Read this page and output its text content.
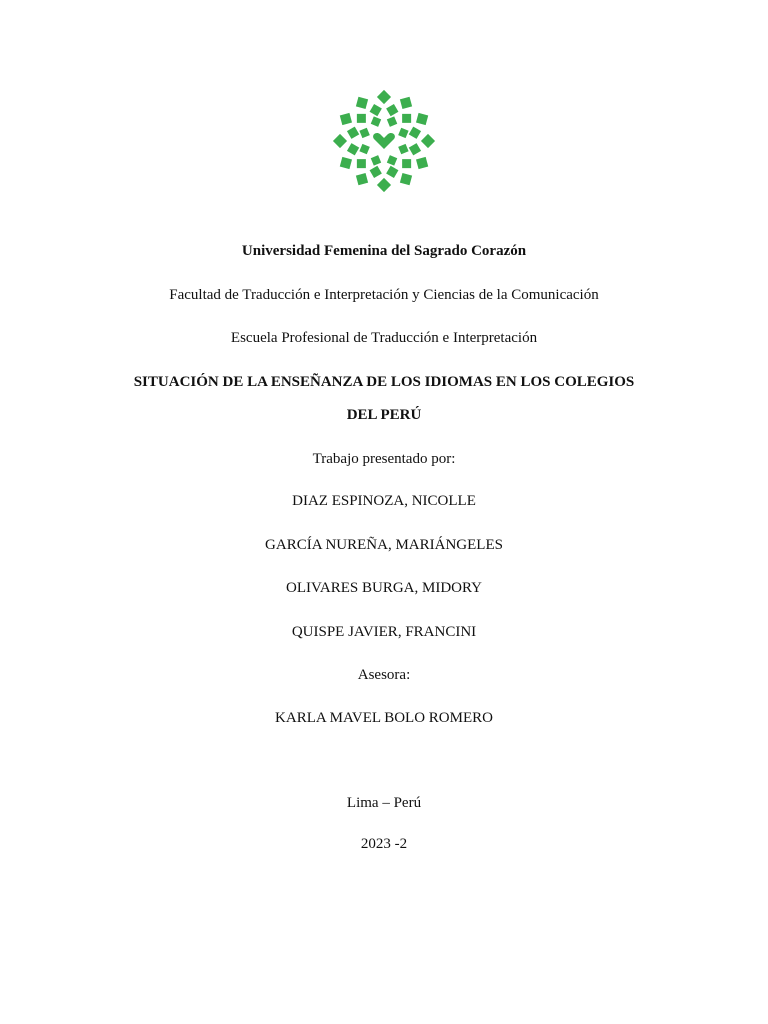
Universidad Femenina del Sagrado Corazón
Facultad de Traducción e Interpretación y Ciencias de la Comunicación
Escuela Profesional de Traducción e Interpretación
SITUACIÓN DE LA ENSEÑANZA DE LOS IDIOMAS EN LOS COLEGIOS
DEL PERÚ
Trabajo presentado por:
DIAZ ESPINOZA, NICOLLE
GARCÍA NUREÑA, MARIÁNGELES
OLIVARES BURGA, MIDORY
QUISPE JAVIER, FRANCINI
Asesora:
KARLA MAVEL BOLO ROMERO
Lima – Perú
2023 -2
